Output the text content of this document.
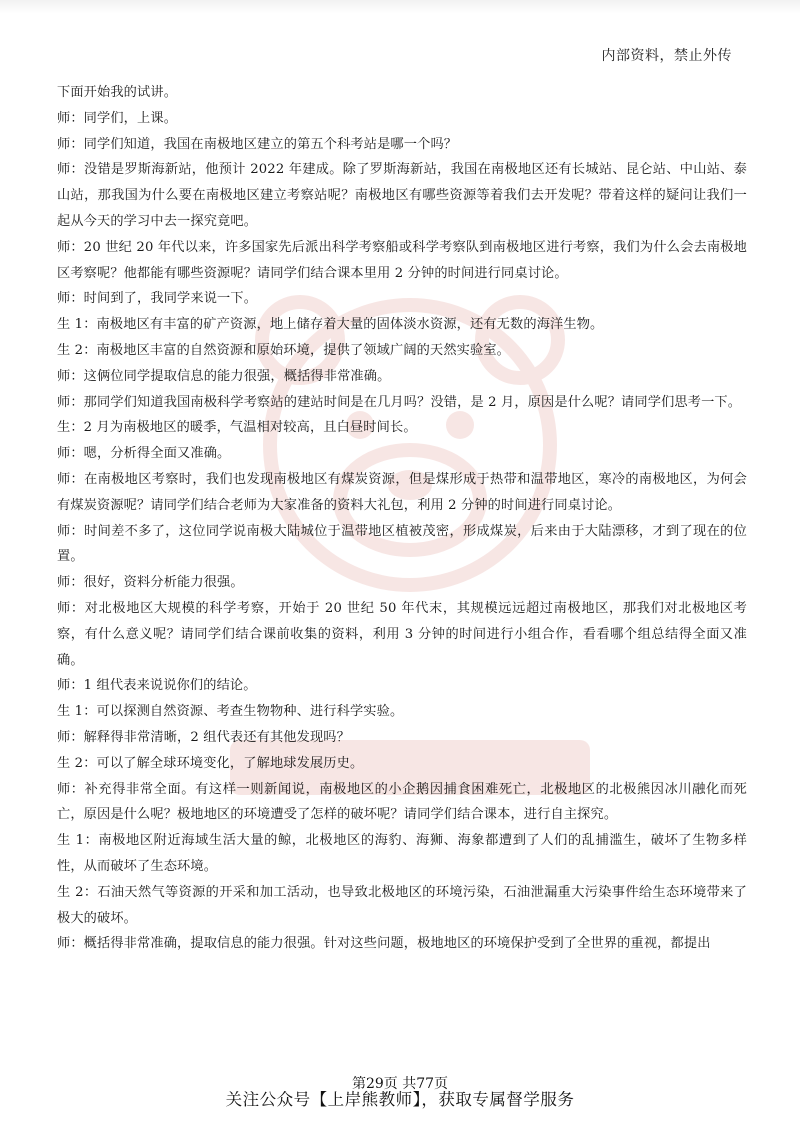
内部资料，禁止外传

下面开始我的试讲。

师：同学们，上课。

师：同学们知道，我国在南极地区建立的第五个科考站是哪一个吗？

师：没错是罗斯海新站，他预计 2022 年建成。除了罗斯海新站，我国在南极地区还有长城站、昆仑站、中山站、泰山站，那我国为什么要在南极地区建立考察站呢？南极地区有哪些资源等着我们去开发呢？带着这样的疑问让我们一起从今天的学习中去一探究竟吧。

师：20 世纪 20 年代以来，许多国家先后派出科学考察船或科学考察队到南极地区进行考察，我们为什么会去南极地区考察呢？他都能有哪些资源呢？请同学们结合课本里用 2 分钟的时间进行同桌讨论。

师：时间到了，我同学来说一下。

生 1：南极地区有丰富的矿产资源，地上储存着大量的固体淡水资源，还有无数的海洋生物。

生 2：南极地区丰富的自然资源和原始环境，提供了领域广阔的天然实验室。

师：这俩位同学提取信息的能力很强，概括得非常准确。

师：那同学们知道我国南极科学考察站的建站时间是在几月吗？没错，是 2 月，原因是什么呢？请同学们思考一下。

生：2 月为南极地区的暖季，气温相对较高，且白昼时间长。

师：嗯，分析得全面又准确。

师：在南极地区考察时，我们也发现南极地区有煤炭资源，但是煤形成于热带和温带地区，寒冷的南极地区，为何会有煤炭资源呢？请同学们结合老师为大家准备的资料大礼包，利用 2 分钟的时间进行同桌讨论。

师：时间差不多了，这位同学说南极大陆城位于温带地区植被茂密，形成煤炭，后来由于大陆漂移，才到了现在的位置。

师：很好，资料分析能力很强。

师：对北极地区大规模的科学考察，开始于 20 世纪 50 年代末，其规模远远超过南极地区，那我们对北极地区考察，有什么意义呢？请同学们结合课前收集的资料，利用 3 分钟的时间进行小组合作，看看哪个组总结得全面又准确。

师：1 组代表来说说你们的结论。

生 1：可以探测自然资源、考查生物物种、进行科学实验。

师：解释得非常清晰，2 组代表还有其他发现吗？

生 2：可以了解全球环境变化，了解地球发展历史。

师：补充得非常全面。有这样一则新闻说，南极地区的小企鹅因捕食困难死亡，北极地区的北极熊因冰川融化而死亡，原因是什么呢？极地地区的环境遭受了怎样的破坏呢？请同学们结合课本，进行自主探究。

生 1：南极地区附近海域生活大量的鲸，北极地区的海豹、海狮、海象都遭到了人们的乱捕滥生，破坏了生物多样性，从而破坏了生态环境。

生 2：石油天然气等资源的开采和加工活动，也导致北极地区的环境污染，石油泄漏重大污染事件给生态环境带来了极大的破坏。

师：概括得非常准确，提取信息的能力很强。针对这些问题，极地地区的环境保护受到了全世界的重视，都提出

第29页 共77页
关注公众号【上岸熊教师】，获取专属督学服务
